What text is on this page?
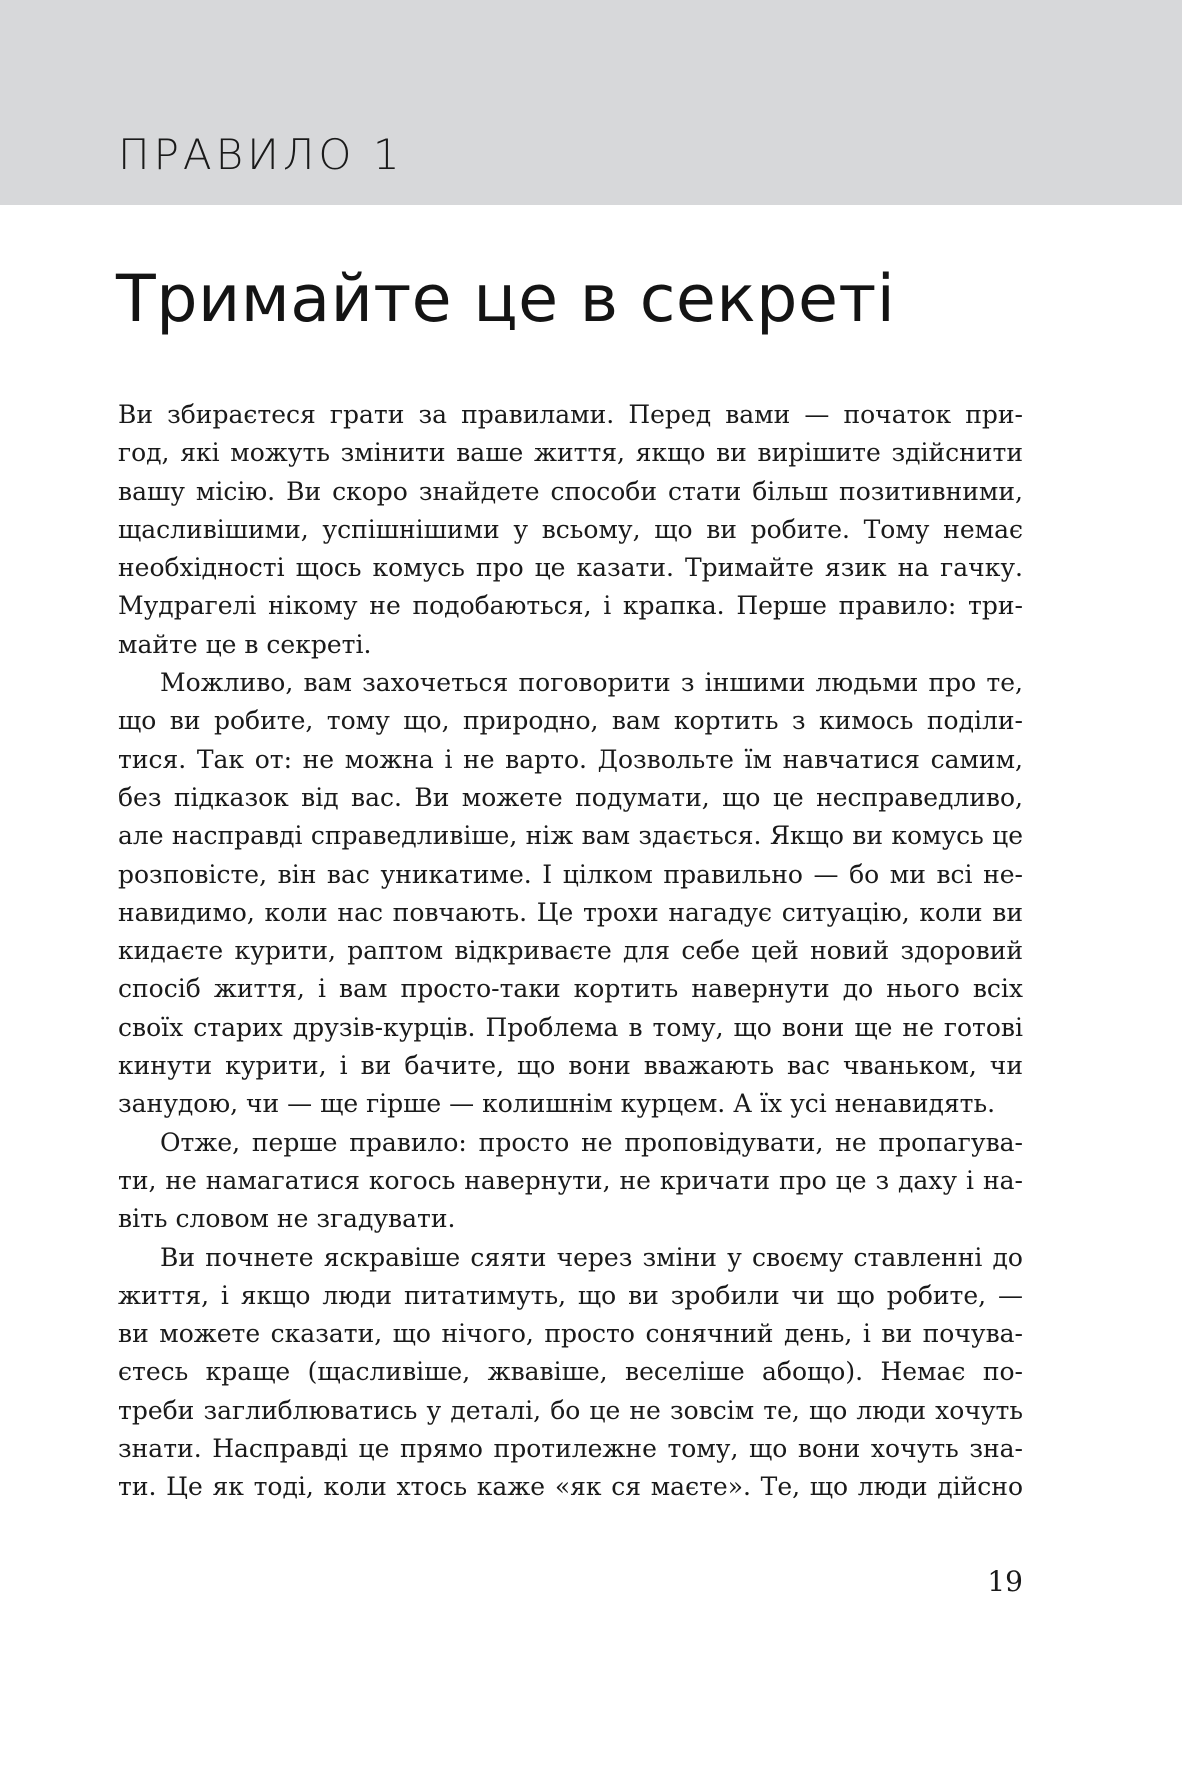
ПРАВИЛО 1
Тримайте це в секреті
Ви збираєтеся грати за правилами. Перед вами — початок при-
год, які можуть змінити ваше життя, якщо ви вирішите здійснити
вашу місію. Ви скоро знайдете способи стати більш позитивними,
щасливішими, успішнішими у всьому, що ви робите. Тому немає
необхідності щось комусь про це казати. Тримайте язик на гачку.
Мудрагелі нікому не подобаються, і крапка. Перше правило: три-
майте це в секреті.
Можливо, вам захочеться поговорити з іншими людьми про те,
що ви робите, тому що, природно, вам кортить з кимось поділи-
тися. Так от: не можна і не варто. Дозвольте їм навчатися самим,
без підказок від вас. Ви можете подумати, що це несправедливо,
але насправді справедливіше, ніж вам здається. Якщо ви комусь це
розповісте, він вас уникатиме. І цілком правильно — бо ми всі не-
навидимо, коли нас повчають. Це трохи нагадує ситуацію, коли ви
кидаєте курити, раптом відкриваєте для себе цей новий здоровий
спосіб життя, і вам просто-таки кортить навернути до нього всіх
своїх старих друзів-курців. Проблема в тому, що вони ще не готові
кинути курити, і ви бачите, що вони вважають вас чваньком, чи
занудою, чи — ще гірше — колишнім курцем. А їх усі ненавидять.
Отже, перше правило: просто не проповідувати, не пропагува-
ти, не намагатися когось навернути, не кричати про це з даху і на-
віть словом не згадувати.
Ви почнете яскравіше сяяти через зміни у своєму ставленні до
життя, і якщо люди питатимуть, що ви зробили чи що робите, —
ви можете сказати, що нічого, просто сонячний день, і ви почува-
єтесь краще (щасливіше, жвавіше, веселіше абощо). Немає по-
треби заглиблюватись у деталі, бо це не зовсім те, що люди хочуть
знати. Насправді це прямо протилежне тому, що вони хочуть зна-
ти. Це як тоді, коли хтось каже «як ся маєте». Те, що люди дійсно
19
